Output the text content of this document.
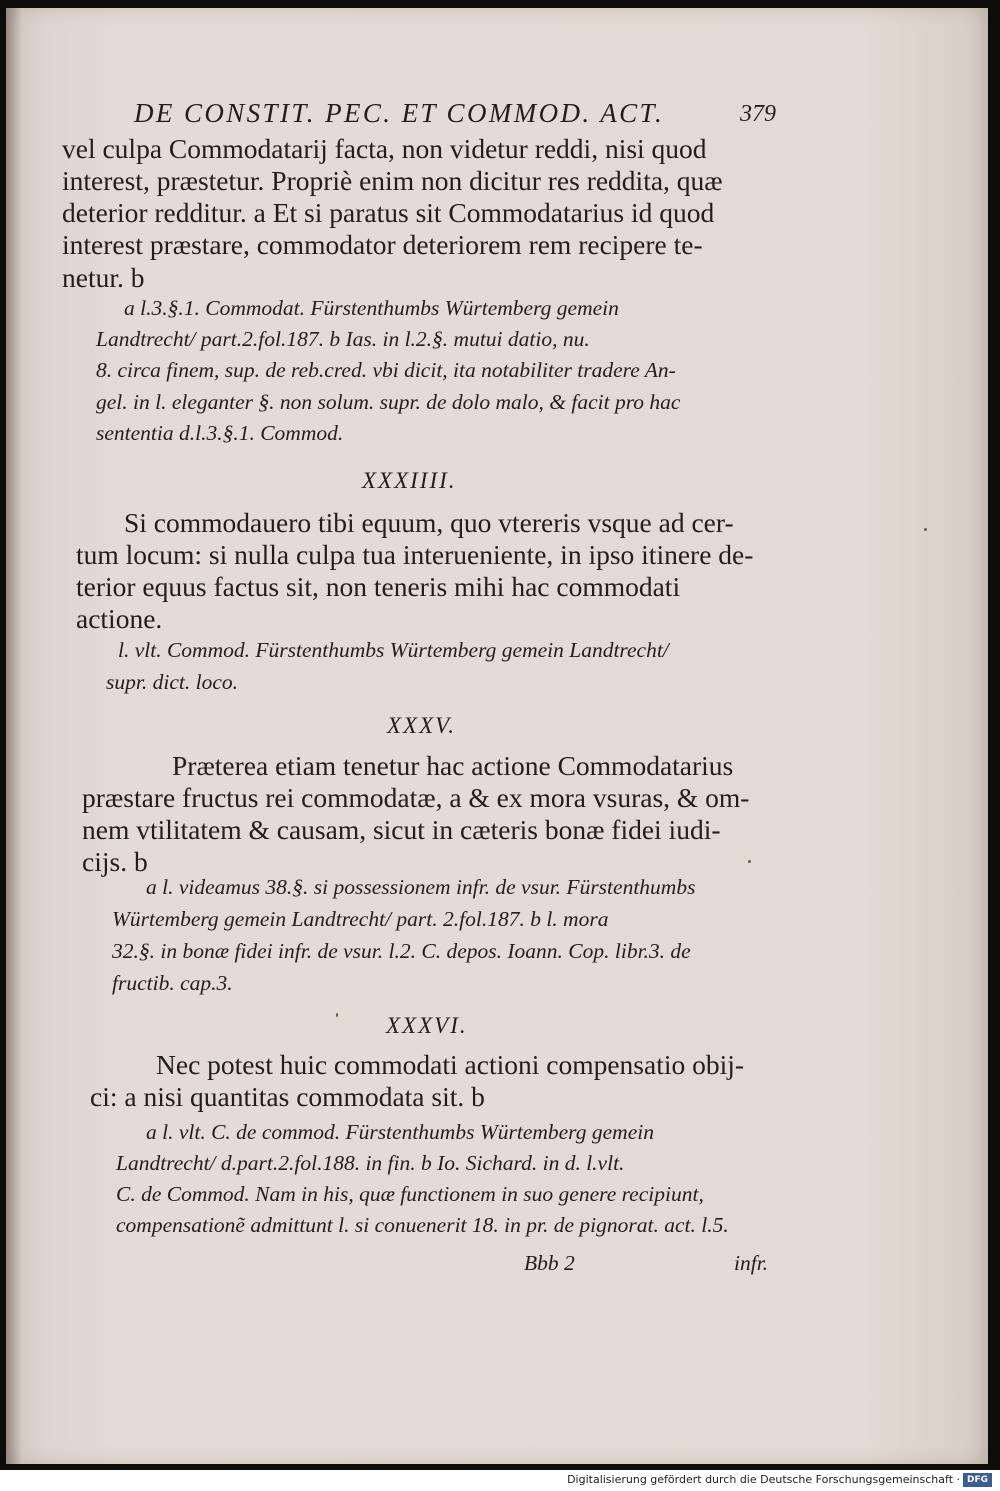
DE CONSTIT. PEC. ET COMMOD. ACT.	379
vel culpa Commodatarij facta, non videtur reddi, nisi quod
interest, præstetur. Propriè enim non dicitur res reddita, quæ
deterior redditur. a Et si paratus sit Commodatarius id quod
interest præstare, commodator deteriorem rem recipere te-
netur. b
a l.3.§.1. Commodat. Fürstenthumbs Würtemberg gemein
Landtrecht/ part.2.fol.187. b Ias. in l.2.§. mutui datio, nu.
8. circa finem, sup. de reb.cred. vbi dicit, ita notabiliter tradere An-
gel. in l. eleganter §. non solum. supr. de dolo malo, & facit pro hac
sententia d.l.3.§.1. Commod.
XXXIIII.
Si commodauero tibi equum, quo vtereris vsque ad cer-
tum locum: si nulla culpa tua interueniente, in ipso itinere de-
terior equus factus sit, non teneris mihi hac commodati
actione.
l. vlt. Commod. Fürstenthumbs Würtemberg gemein Landtrecht/
supr. dict. loco.
XXXV.
Præterea etiam tenetur hac actione Commodatarius
præstare fructus rei commodatæ, a & ex mora vsuras, & om-
nem vtilitatem & causam, sicut in cæteris bonæ fidei iudi-
cijs. b
a l. videamus 38.§. si possessionem infr. de vsur. Fürstenthumbs
Würtemberg gemein Landtrecht/ part. 2.fol.187. b l. mora
32.§. in bonæ fidei infr. de vsur. l.2. C. depos. Ioann. Cop. libr.3. de
fructib. cap.3.
XXXVI.
Nec potest huic commodati actioni compensatio obij-
ci: a nisi quantitas commodata sit. b
a l. vlt. C. de commod. Fürstenthumbs Würtemberg gemein
Landtrecht/ d.part.2.fol.188. in fin. b Io. Sichard. in d. l.vlt.
C. de Commod. Nam in his, quæ functionem in suo genere recipiunt,
compensationẽ admittunt l. si conuenerit 18. in pr. de pignorat. act. l.5.
Bbb 2	infr.
Digitalisierung gefördert durch die Deutsche Forschungsgemeinschaft · DFG
